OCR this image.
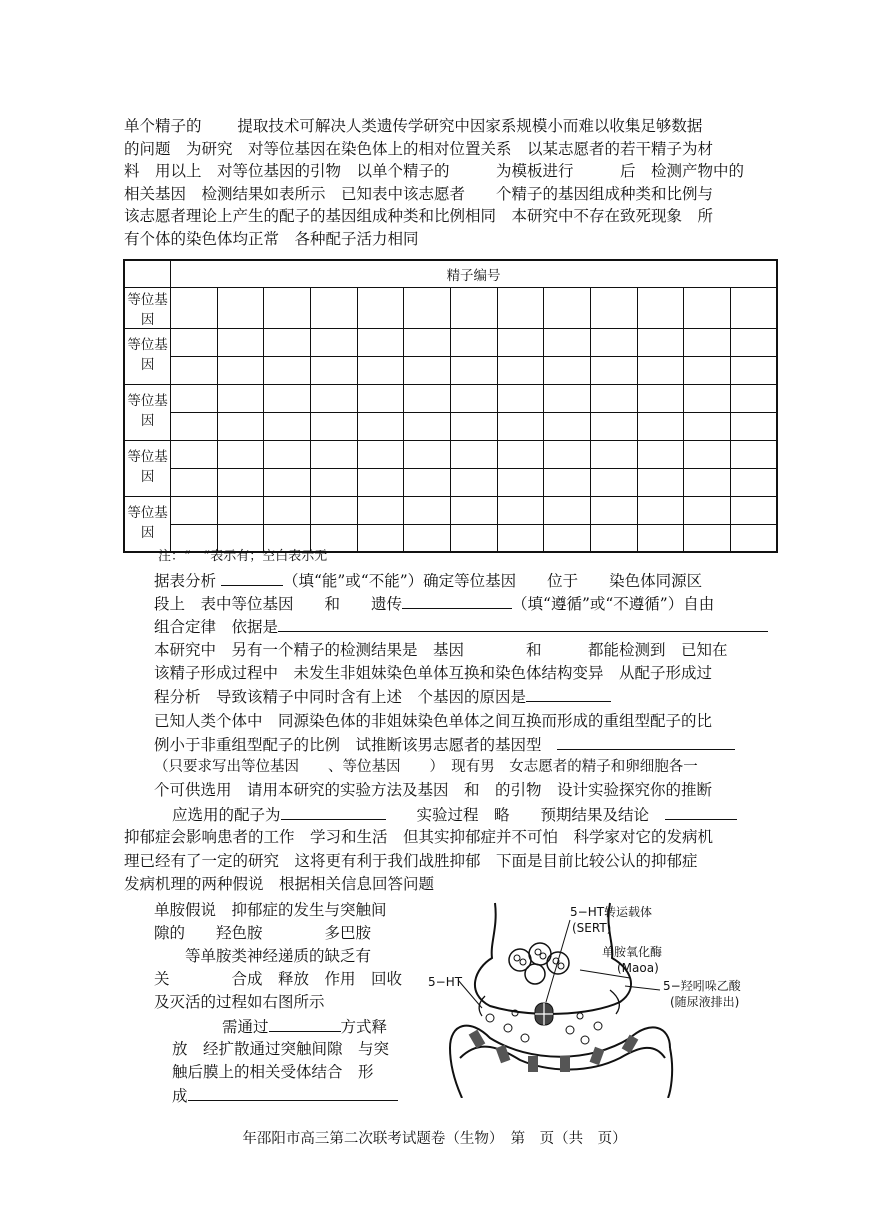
单个精子的　　 提取技术可解决人类遗传学研究中因家系规模小而难以收集足够数据
的问题　为研究　对等位基因在染色体上的相对位置关系　以某志愿者的若干精子为材
料　用以上　对等位基因的引物　以单个精子的　　　为模板进行　　　后　检测产物中的
相关基因　检测结果如表所示　已知表中该志愿者　　个精子的基因组成种类和比例与
该志愿者理论上产生的配子的基因组成种类和比例相同　本研究中不存在致死现象　所
有个体的染色体均正常　各种配子活力相同
	精子编号												
等位基因													
等位基因													

等位基因													

等位基因													

等位基因													

注：“　”表示有；空白表示无
据表分析	（填“能”或“不能”）确定等位基因　　位于　　染色体同源区
段上　表中等位基因　　和　　遗传	（填“遵循”或“不遵循”）自由
组合定律　依据是
本研究中　另有一个精子的检测结果是　基因　　　　和　　　都能检测到　已知在
该精子形成过程中　未发生非姐妹染色单体互换和染色体结构变异　从配子形成过
程分析　导致该精子中同时含有上述　个基因的原因是
已知人类个体中　同源染色体的非姐妹染色单体之间互换而形成的重组型配子的比
例小于非重组型配子的比例　试推断该男志愿者的基因型　
（只要求写出等位基因　　、等位基因　　）　现有男　女志愿者的精子和卵细胞各一
个可供选用　请用本研究的实验方法及基因　和　的引物　设计实验探究你的推断
应选用的配子为　　	实验过程　略　　预期结果及结论　
抑郁症会影响患者的工作　学习和生活　但其实抑郁症并不可怕　科学家对它的发病机
理已经有了一定的研究　这将更有利于我们战胜抑郁　下面是目前比较公认的抑郁症
发病机理的两种假说　根据相关信息回答问题
单胺假说　抑郁症的发生与突触间
隙的　　羟色胺　　　　多巴胺
　　等单胺类神经递质的缺乏有
关　　　　合成　释放　作用　回收
及灭活的过程如右图所示
需通过	方式释
放　经扩散通过突触间隙　与突
触后膜上的相关受体结合　形
成
5−HT转运载体
(SERT)
单胺氧化酶
(Maoa)
5−HT	5−羟吲哚乙酸
(随尿液排出)
年邵阳市高三第二次联考试题卷（生物）　第　页（共　页）
